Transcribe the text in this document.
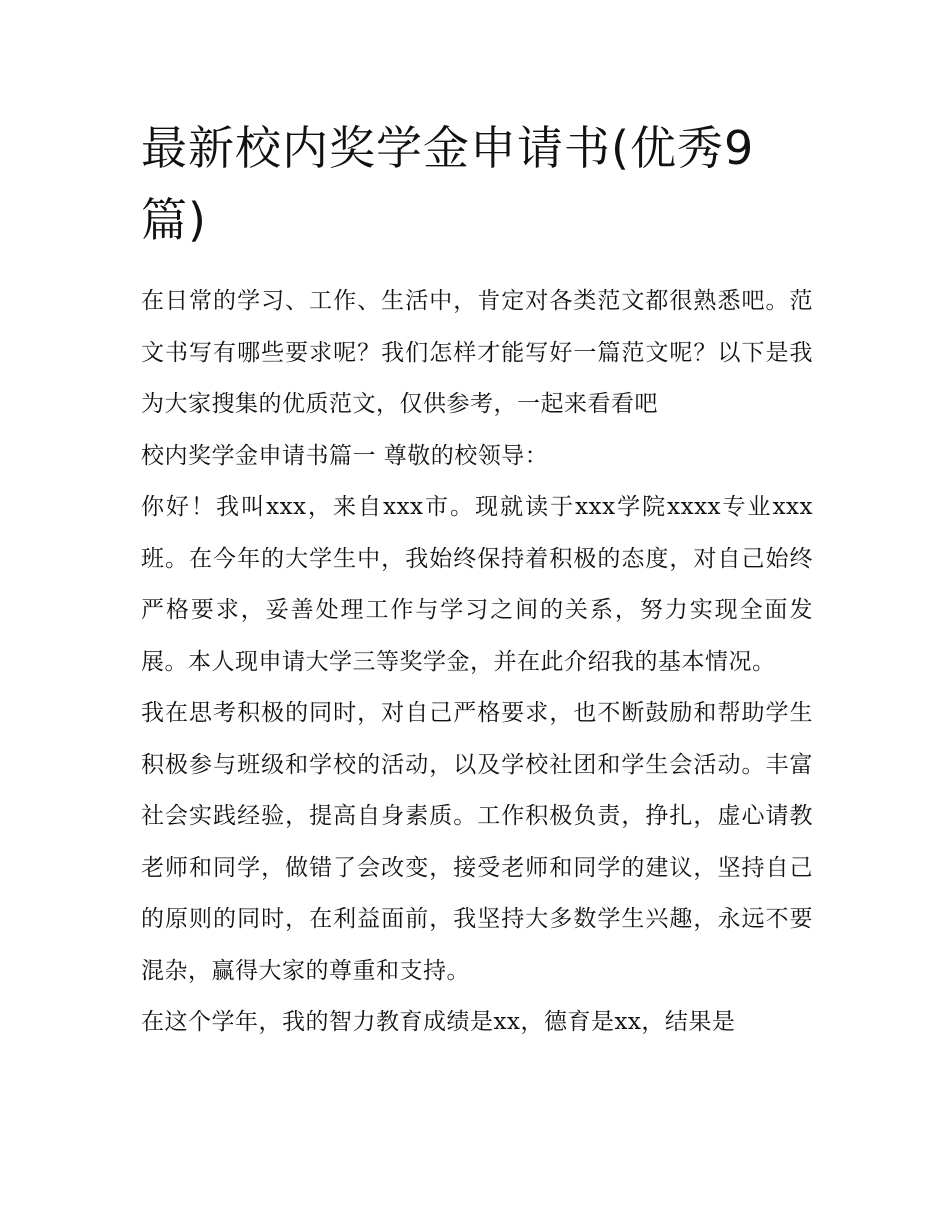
最新校内奖学金申请书(优秀9篇)

在日常的学习、工作、生活中，肯定对各类范文都很熟悉吧。范文书写有哪些要求呢？我们怎样才能写好一篇范文呢？以下是我为大家搜集的优质范文，仅供参考，一起来看看吧

校内奖学金申请书篇一 尊敬的校领导：

你好！我叫xxx，来自xxx市。现就读于xxx学院xxxx专业xxx班。在今年的大学生中，我始终保持着积极的态度，对自己始终严格要求，妥善处理工作与学习之间的关系，努力实现全面发展。本人现申请大学三等奖学金，并在此介绍我的基本情况。

我在思考积极的同时，对自己严格要求，也不断鼓励和帮助学生积极参与班级和学校的活动，以及学校社团和学生会活动。丰富社会实践经验，提高自身素质。工作积极负责，挣扎，虚心请教老师和同学，做错了会改变，接受老师和同学的建议，坚持自己的原则的同时，在利益面前，我坚持大多数学生兴趣，永远不要混杂，赢得大家的尊重和支持。

在这个学年，我的智力教育成绩是xx，德育是xx，结果是
